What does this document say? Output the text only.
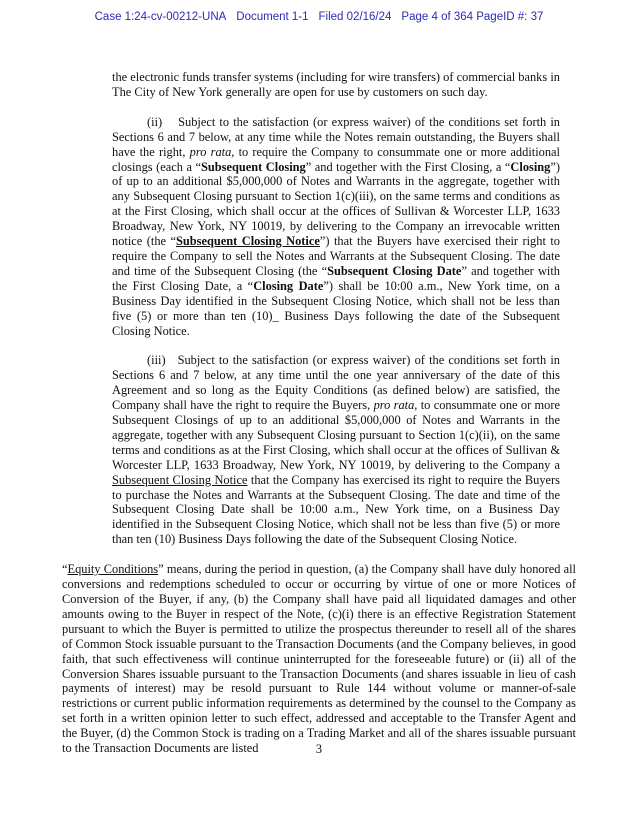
Case 1:24-cv-00212-UNA Document 1-1 Filed 02/16/24 Page 4 of 364 PageID #: 37

the electronic funds transfer systems (including for wire transfers) of commercial banks in The City of New York generally are open for use by customers on such day.

(ii) Subject to the satisfaction (or express waiver) of the conditions set forth in Sections 6 and 7 below, at any time while the Notes remain outstanding, the Buyers shall have the right, pro rata, to require the Company to consummate one or more additional closings (each a “Subsequent Closing” and together with the First Closing, a “Closing”) of up to an additional $5,000,000 of Notes and Warrants in the aggregate, together with any Subsequent Closing pursuant to Section 1(c)(iii), on the same terms and conditions as at the First Closing, which shall occur at the offices of Sullivan & Worcester LLP, 1633 Broadway, New York, NY 10019, by delivering to the Company an irrevocable written notice (the “Subsequent Closing Notice”) that the Buyers have exercised their right to require the Company to sell the Notes and Warrants at the Subsequent Closing. The date and time of the Subsequent Closing (the “Subsequent Closing Date” and together with the First Closing Date, a “Closing Date”) shall be 10:00 a.m., New York time, on a Business Day identified in the Subsequent Closing Notice, which shall not be less than five (5) or more than ten (10)_ Business Days following the date of the Subsequent Closing Notice.

(iii) Subject to the satisfaction (or express waiver) of the conditions set forth in Sections 6 and 7 below, at any time until the one year anniversary of the date of this Agreement and so long as the Equity Conditions (as defined below) are satisfied, the Company shall have the right to require the Buyers, pro rata, to consummate one or more Subsequent Closings of up to an additional $5,000,000 of Notes and Warrants in the aggregate, together with any Subsequent Closing pursuant to Section 1(c)(ii), on the same terms and conditions as at the First Closing, which shall occur at the offices of Sullivan & Worcester LLP, 1633 Broadway, New York, NY 10019, by delivering to the Company a Subsequent Closing Notice that the Company has exercised its right to require the Buyers to purchase the Notes and Warrants at the Subsequent Closing. The date and time of the Subsequent Closing Date shall be 10:00 a.m., New York time, on a Business Day identified in the Subsequent Closing Notice, which shall not be less than five (5) or more than ten (10) Business Days following the date of the Subsequent Closing Notice.

“Equity Conditions” means, during the period in question, (a) the Company shall have duly honored all conversions and redemptions scheduled to occur or occurring by virtue of one or more Notices of Conversion of the Buyer, if any, (b) the Company shall have paid all liquidated damages and other amounts owing to the Buyer in respect of the Note, (c)(i) there is an effective Registration Statement pursuant to which the Buyer is permitted to utilize the prospectus thereunder to resell all of the shares of Common Stock issuable pursuant to the Transaction Documents (and the Company believes, in good faith, that such effectiveness will continue uninterrupted for the foreseeable future) or (ii) all of the Conversion Shares issuable pursuant to the Transaction Documents (and shares issuable in lieu of cash payments of interest) may be resold pursuant to Rule 144 without volume or manner-of-sale restrictions or current public information requirements as determined by the counsel to the Company as set forth in a written opinion letter to such effect, addressed and acceptable to the Transfer Agent and the Buyer, (d) the Common Stock is trading on a Trading Market and all of the shares issuable pursuant to the Transaction Documents are listed	3
